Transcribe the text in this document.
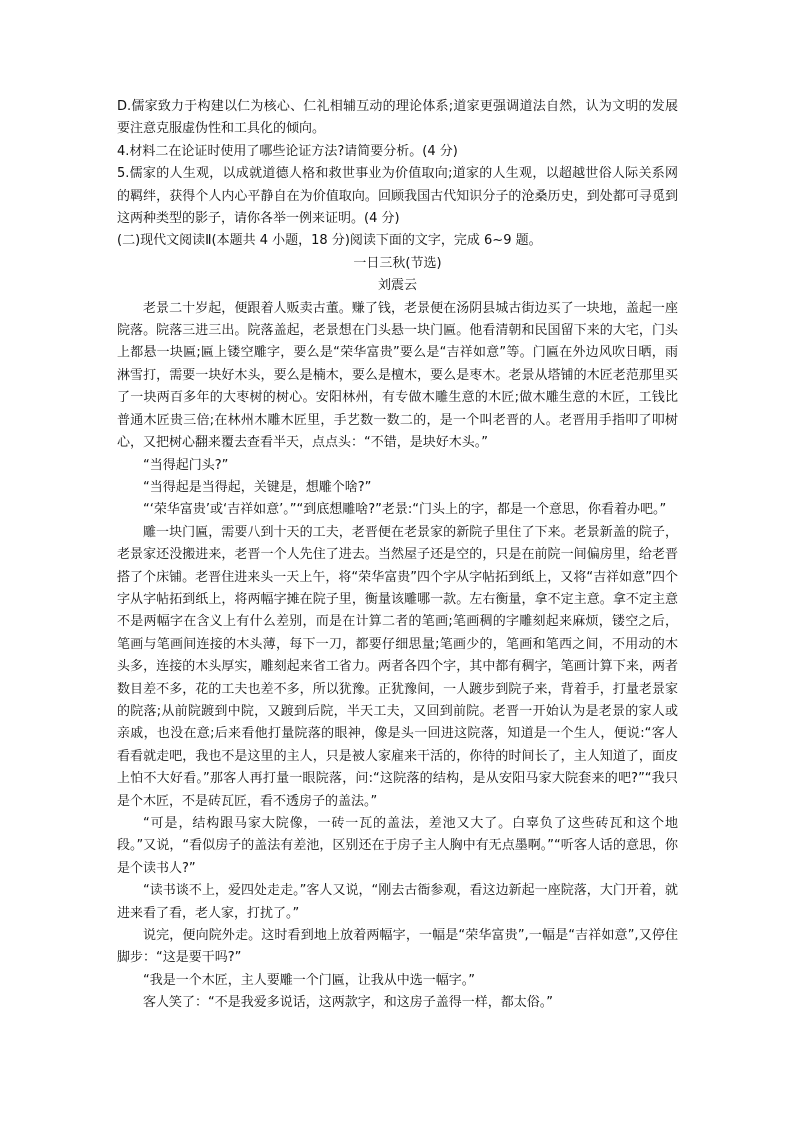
D.儒家致力于构建以仁为核心、仁礼相辅互动的理论体系;道家更强调道法自然，认为文明的发展要注意克服虚伪性和工具化的倾向。

4.材料二在论证时使用了哪些论证方法?请简要分析。(4 分)

5.儒家的人生观，以成就道德人格和救世事业为价值取向;道家的人生观，以超越世俗人际关系网的羁绊，获得个人内心平静自在为价值取向。回顾我国古代知识分子的沧桑历史，到处都可寻觅到这两种类型的影子，请你各举一例来证明。(4 分)

(二)现代文阅读Ⅱ(本题共 4 小题，18 分)阅读下面的文字，完成 6~9 题。

一日三秋(节选)

刘震云

老景二十岁起，便跟着人贩卖古董。赚了钱，老景便在汤阴县城古街边买了一块地，盖起一座院落。院落三进三出。院落盖起，老景想在门头悬一块门匾。他看清朝和民国留下来的大宅，门头上都悬一块匾;匾上镂空雕字，要么是“荣华富贵”要么是“吉祥如意”等。门匾在外边风吹日晒，雨淋雪打，需要一块好木头，要么是楠木，要么是檀木，要么是枣木。老景从塔铺的木匠老范那里买了一块两百多年的大枣树的树心。安阳林州，有专做木雕生意的木匠;做木雕生意的木匠，工钱比普通木匠贵三倍;在林州木雕木匠里，手艺数一数二的，是一个叫老晋的人。老晋用手指叩了叩树心，又把树心翻来覆去查看半天，点点头：“不错，是块好木头。”

“当得起门头?”

“当得起是当得起，关键是，想雕个啥?”

“‘荣华富贵’或‘吉祥如意’。”“到底想雕啥?”老景:“门头上的字，都是一个意思，你看着办吧。”

雕一块门匾，需要八到十天的工夫，老晋便在老景家的新院子里住了下来。老景新盖的院子，老景家还没搬进来，老晋一个人先住了进去。当然屋子还是空的，只是在前院一间偏房里，给老晋搭了个床铺。老晋住进来头一天上午，将“荣华富贵”四个字从字帖拓到纸上，又将“吉祥如意”四个字从字帖拓到纸上，将两幅字摊在院子里，衡量该雕哪一款。左右衡量，拿不定主意。拿不定主意不是两幅字在含义上有什么差别，而是在计算二者的笔画;笔画稠的字雕刻起来麻烦，镂空之后，笔画与笔画间连接的木头薄，每下一刀，都要仔细思量;笔画少的，笔画和笔西之间，不用动的木头多，连接的木头厚实，雕刻起来省工省力。两者各四个字，其中都有稠字，笔画计算下来，两者数目差不多，花的工夫也差不多，所以犹豫。正犹豫间，一人踱步到院子来，背着手，打量老景家的院落;从前院踱到中院，又踱到后院，半天工夫，又回到前院。老晋一开始认为是老景的家人或亲戚，也没在意;后来看他打量院落的眼神，像是头一回进这院落，知道是一个生人，便说:“客人看看就走吧，我也不是这里的主人，只是被人家雇来干活的，你待的时间长了，主人知道了，面皮上怕不大好看。”那客人再打量一眼院落，问:“这院落的结构，是从安阳马家大院套来的吧?”“我只是个木匠，不是砖瓦匠，看不透房子的盖法。”

“可是，结构跟马家大院像，一砖一瓦的盖法，差池又大了。白辜负了这些砖瓦和这个地段。”又说，“看似房子的盖法有差池，区别还在于房子主人胸中有无点墨啊。”“听客人话的意思，你是个读书人?”

“读书谈不上，爱四处走走。”客人又说，“刚去古衙参观，看这边新起一座院落，大门开着，就进来看了看，老人家，打扰了。”

说完，便向院外走。这时看到地上放着两幅字，一幅是“荣华富贵”,一幅是“吉祥如意”,又停住脚步：“这是要干吗?”

“我是一个木匠，主人要雕一个门匾，让我从中选一幅字。”

客人笑了：“不是我爱多说话，这两款字，和这房子盖得一样，都太俗。”
